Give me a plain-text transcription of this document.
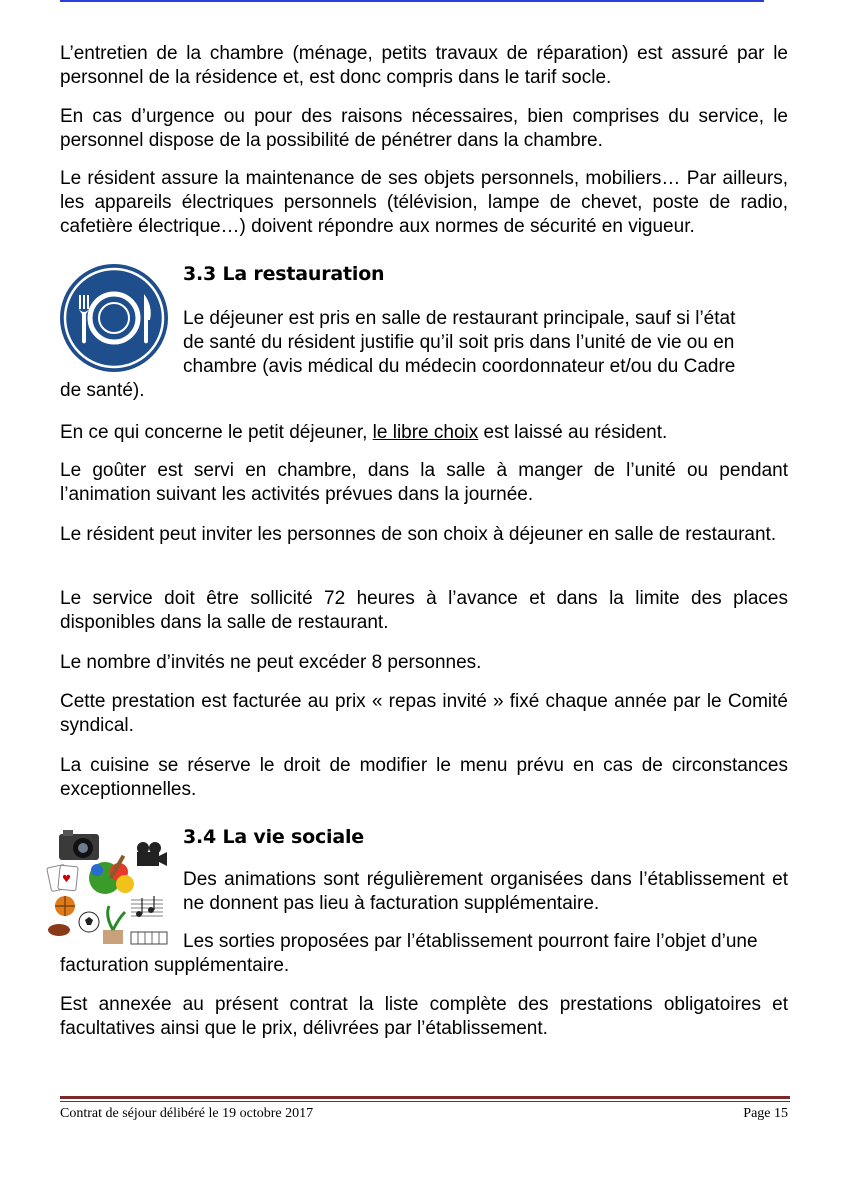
L’entretien de la chambre (ménage, petits travaux de réparation) est assuré par le personnel de la résidence et, est donc compris dans le tarif socle.

En cas d’urgence ou pour des raisons nécessaires, bien comprises du service, le personnel dispose de la possibilité de pénétrer dans la chambre.

Le résident assure la maintenance de ses objets personnels, mobiliers… Par ailleurs, les appareils électriques personnels (télévision, lampe de chevet, poste de radio, cafetière électrique…) doivent répondre aux normes de sécurité en vigueur.

3.3 La restauration

Le déjeuner est pris en salle de restaurant principale, sauf si l’état

de santé du résident justifie qu’il soit pris dans l’unité de vie ou en

chambre (avis médical du médecin coordonnateur et/ou du Cadre

de santé).

En ce qui concerne le petit déjeuner, le libre choix est laissé au résident.

Le goûter est servi en chambre, dans la salle à manger de l’unité ou pendant l’animation suivant les activités prévues dans la journée.

Le résident peut inviter les personnes de son choix à déjeuner en salle de restaurant.

Le service doit être sollicité 72 heures à l’avance et dans la limite des places disponibles dans la salle de restaurant.

Le nombre d’invités ne peut excéder 8 personnes.

Cette prestation est facturée au prix « repas invité » fixé chaque année par le Comité syndical.

La cuisine se réserve le droit de modifier le menu prévu en cas de circonstances exceptionnelles.

♥
3.4 La vie sociale

Des animations sont régulièrement organisées dans l’établissement et ne donnent pas lieu à facturation supplémentaire.

Les sorties proposées par l’établissement pourront faire l’objet d’une

facturation supplémentaire.

Est annexée au présent contrat la liste complète des prestations obligatoires et facultatives ainsi que le prix, délivrées par l’établissement.

Contrat de séjour délibéré le 19 octobre 2017	Page 15
